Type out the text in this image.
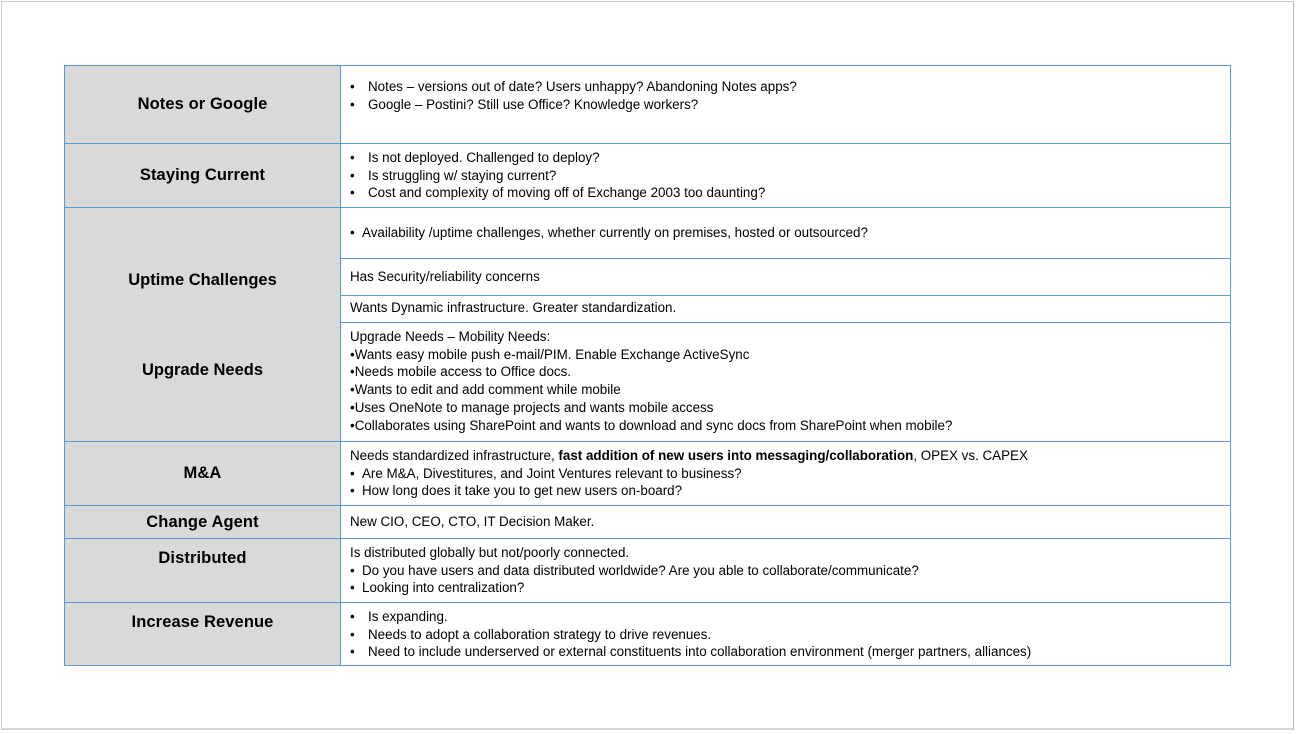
Notes or Google
• Notes – versions out of date? Users unhappy? Abandoning Notes apps?
• Google – Postini? Still use Office? Knowledge workers?
Staying Current
• Is not deployed. Challenged to deploy?
• Is struggling w/ staying current?
• Cost and complexity of moving off of Exchange 2003 too daunting?
Uptime Challenges
Upgrade Needs
• Availability /uptime challenges, whether currently on premises, hosted or outsourced?
Has Security/reliability concerns
Wants Dynamic infrastructure. Greater standardization.
Upgrade Needs – Mobility Needs:
•Wants easy mobile push e-mail/PIM. Enable Exchange ActiveSync
•Needs mobile access to Office docs.
•Wants to edit and add comment while mobile
•Uses OneNote to manage projects and wants mobile access
•Collaborates using SharePoint and wants to download and sync docs from SharePoint when mobile?
M&A
Needs standardized infrastructure, fast addition of new users into messaging/collaboration, OPEX vs. CAPEX
• Are M&A, Divestitures, and Joint Ventures relevant to business?
• How long does it take you to get new users on-board?
Change Agent	New CIO, CEO, CTO, IT Decision Maker.
Distributed	Is distributed globally but not/poorly connected.
• Do you have users and data distributed worldwide? Are you able to collaborate/communicate?
• Looking into centralization?
Increase Revenue
•	Is expanding.
• Needs to adopt a collaboration strategy to drive revenues.
• Need to include underserved or external constituents into collaboration environment (merger partners, alliances)
